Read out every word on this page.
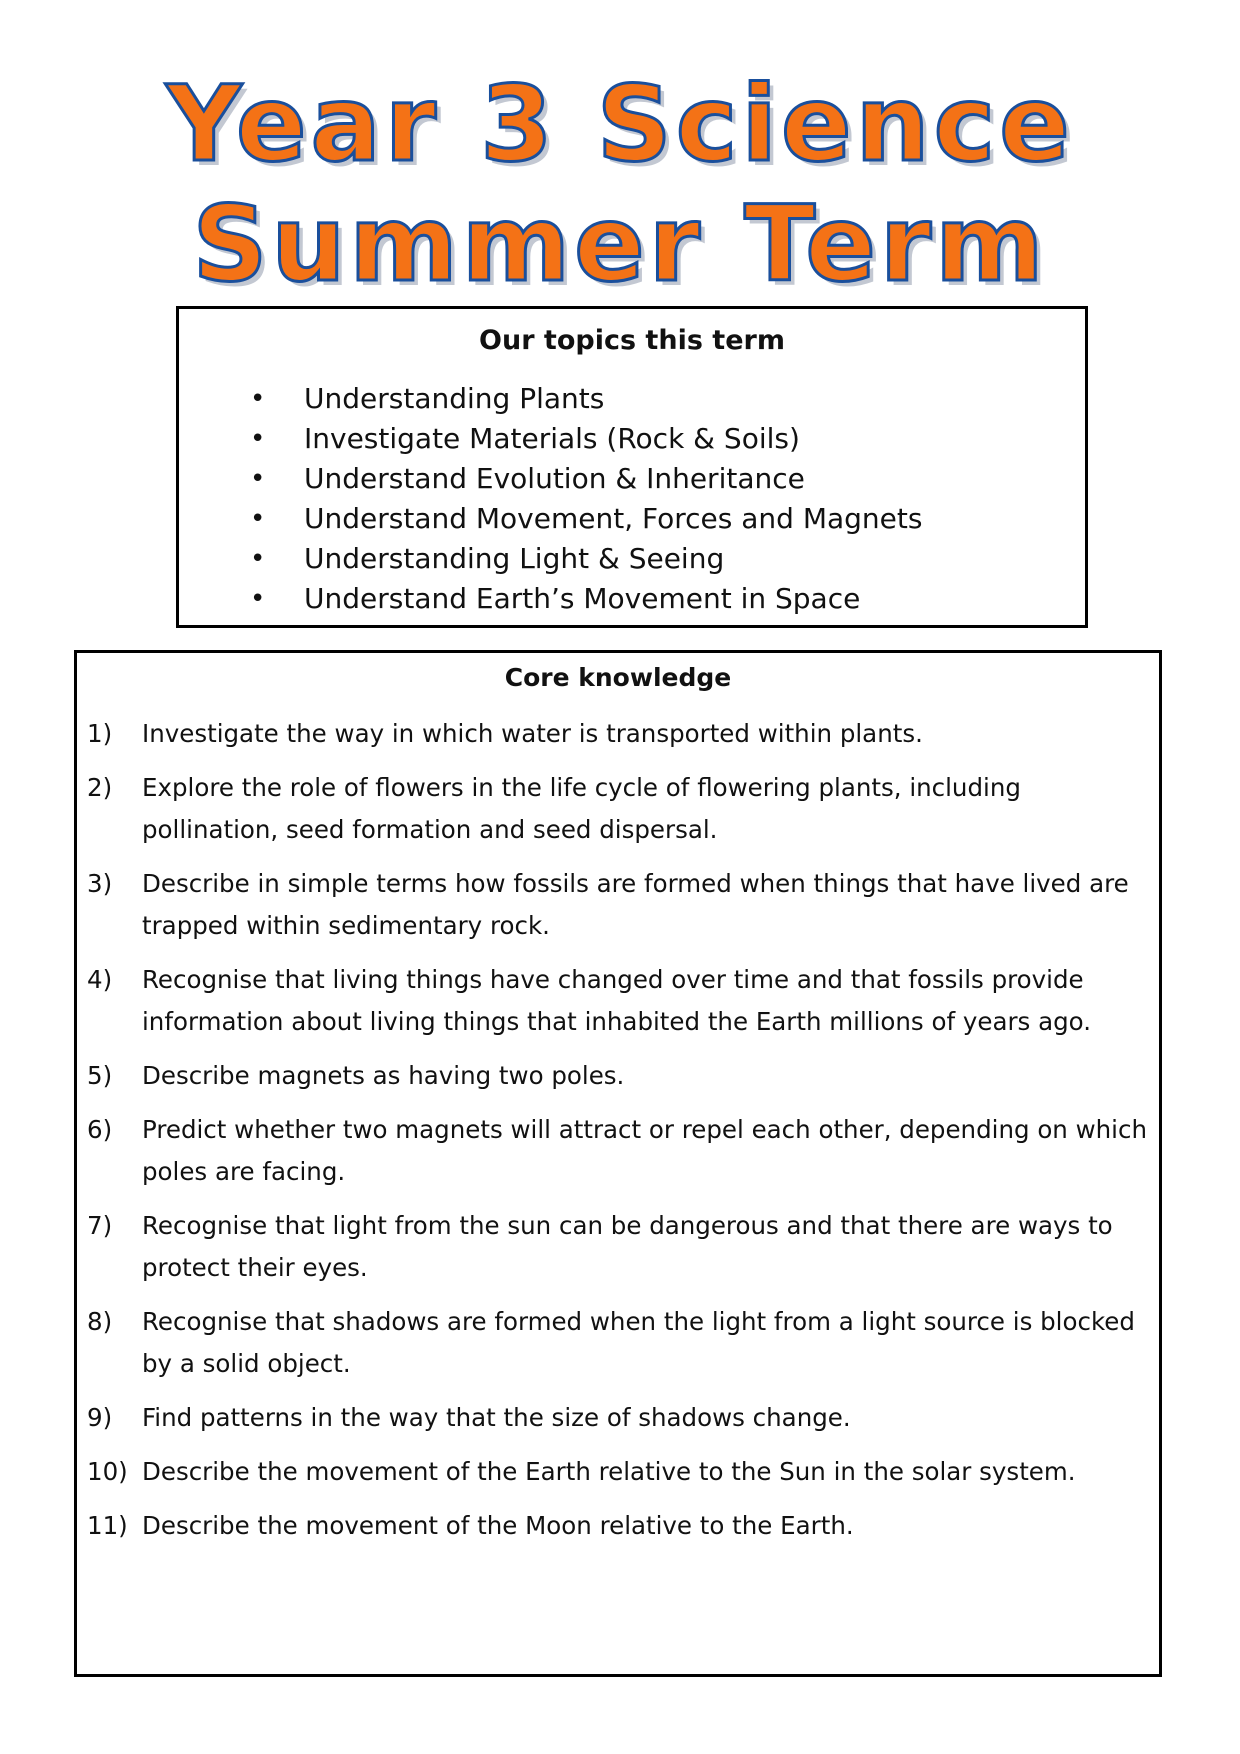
Year 3 Science
Summer Term
Our topics this term
• Understanding Plants
• Investigate Materials (Rock & Soils)
• Understand Evolution & Inheritance
• Understand Movement, Forces and Magnets
• Understanding Light & Seeing
• Understand Earth’s Movement in Space
Core knowledge
1) Investigate the way in which water is transported within plants.
2) Explore the role of flowers in the life cycle of flowering plants, including pollination, seed formation and seed dispersal.
3) Describe in simple terms how fossils are formed when things that have lived are trapped within sedimentary rock.
4) Recognise that living things have changed over time and that fossils provide information about living things that inhabited the Earth millions of years ago.
5) Describe magnets as having two poles.
6) Predict whether two magnets will attract or repel each other, depending on which poles are facing.
7) Recognise that light from the sun can be dangerous and that there are ways to protect their eyes.
8) Recognise that shadows are formed when the light from a light source is blocked by a solid object.
9) Find patterns in the way that the size of shadows change.
10) Describe the movement of the Earth relative to the Sun in the solar system.
11) Describe the movement of the Moon relative to the Earth.
